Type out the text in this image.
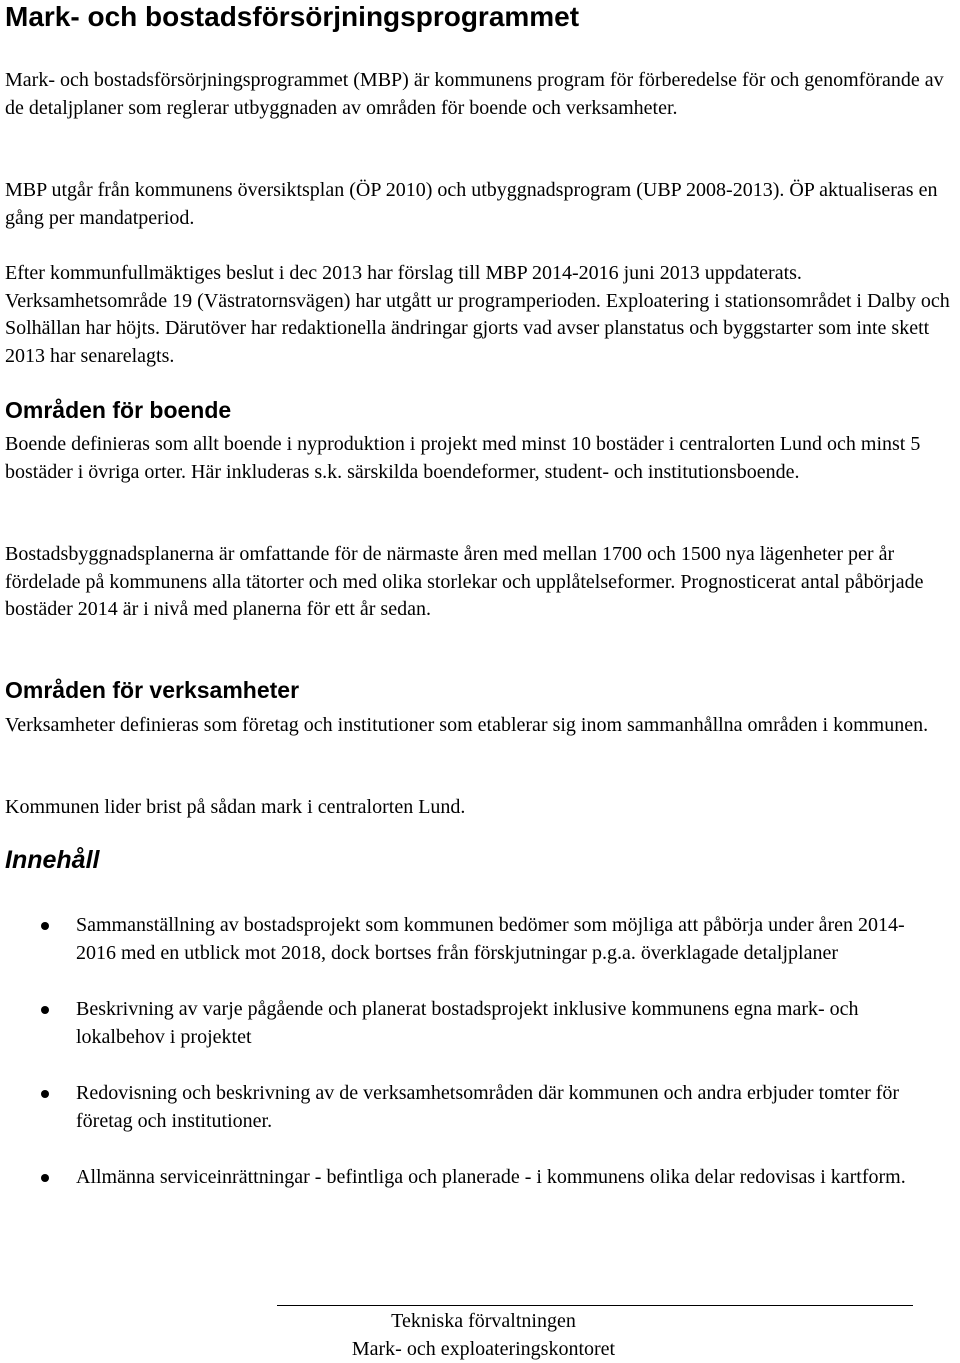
Mark- och bostadsförsörjningsprogrammet

Mark- och bostadsförsörjningsprogrammet (MBP) är kommunens program för förberedelse för och genomförande av de detaljplaner som reglerar utbyggnaden av områden för boende och verksamheter.

MBP utgår från kommunens översiktsplan (ÖP 2010) och utbyggnadsprogram (UBP 2008-2013). ÖP aktualiseras en gång per mandatperiod.

Efter kommunfullmäktiges beslut i dec 2013 har förslag till MBP 2014-2016 juni 2013 uppdaterats. Verksamhetsområde 19 (Västratornsvägen) har utgått ur programperioden. Exploatering i stationsområdet i Dalby och Solhällan har höjts. Därutöver har redaktionella ändringar gjorts vad avser planstatus och byggstarter som inte skett 2013 har senarelagts.

Områden för boende

Boende definieras som allt boende i nyproduktion i projekt med minst 10 bostäder i centralorten Lund och minst 5 bostäder i övriga orter. Här inkluderas s.k. särskilda boendeformer, student- och institutionsboende.

Bostadsbyggnadsplanerna är omfattande för de närmaste åren med mellan 1700 och 1500 nya lägenheter per år fördelade på kommunens alla tätorter och med olika storlekar och upplåtelseformer. Prognosticerat antal påbörjade bostäder 2014 är i nivå med planerna för ett år sedan.

Områden för verksamheter

Verksamheter definieras som företag och institutioner som etablerar sig inom sammanhållna områden i kommunen.

Kommunen lider brist på sådan mark i centralorten Lund.

Innehåll
Sammanställning av bostadsprojekt som kommunen bedömer som möjliga att påbörja under åren 2014-2016 med en utblick mot 2018, dock bortses från förskjutningar p.g.a. överklagade detaljplaner
Beskrivning av varje pågående och planerat bostadsprojekt inklusive kommunens egna mark- och lokalbehov i projektet
Redovisning och beskrivning av de verksamhetsområden där kommunen och andra erbjuder tomter för företag och institutioner.
Allmänna serviceinrättningar - befintliga och planerade - i kommunens olika delar redovisas i kartform.
Tekniska förvaltningen
Mark- och exploateringskontoret
